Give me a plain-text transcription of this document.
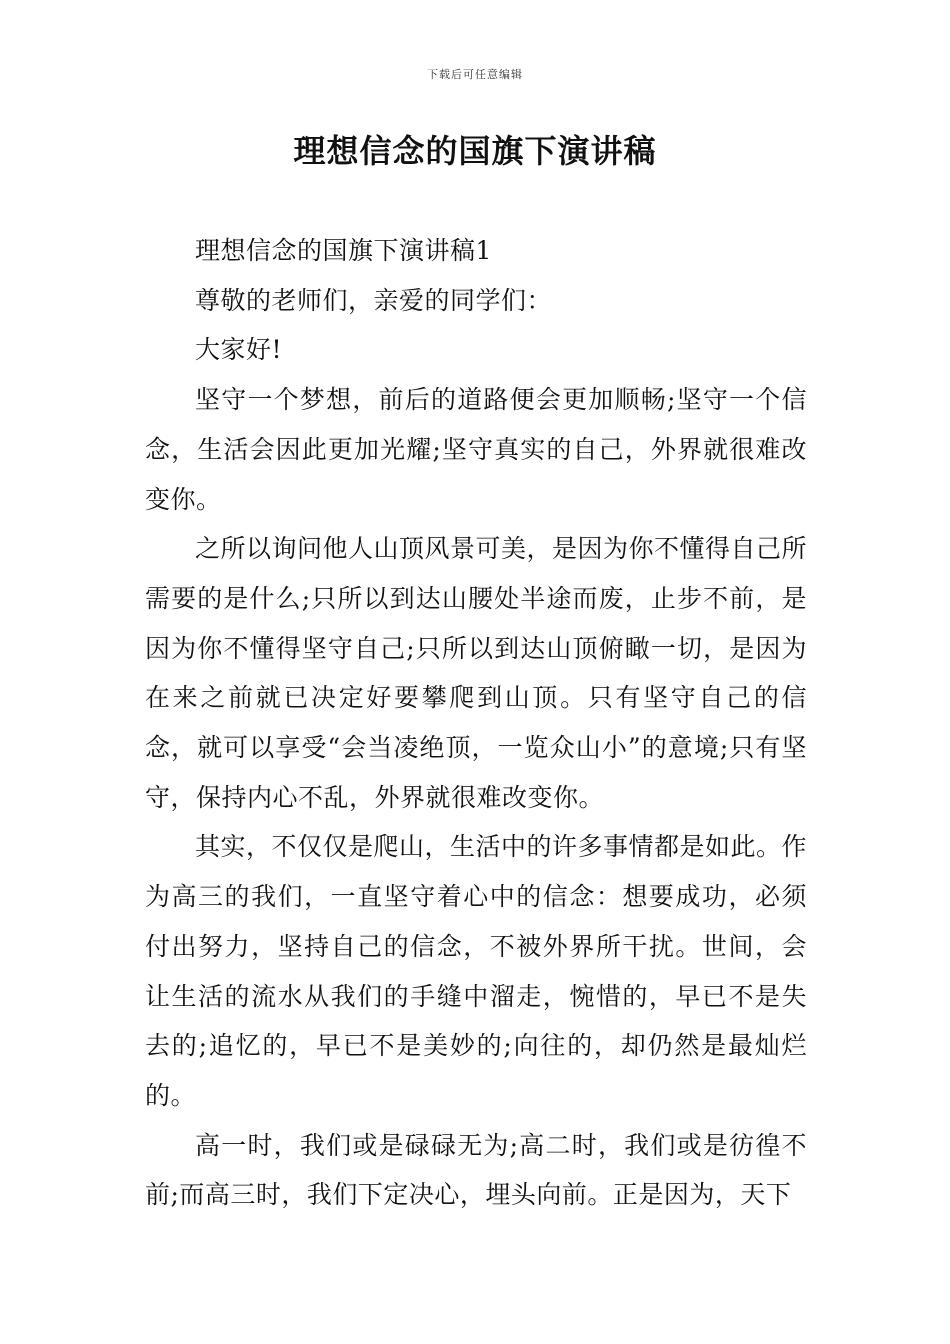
下载后可任意编辑
理想信念的国旗下演讲稿

理想信念的国旗下演讲稿1

尊敬的老师们，亲爱的同学们：

大家好!

坚守一个梦想，前后的道路便会更加顺畅;坚守一个信念，生活会因此更加光耀;坚守真实的自己，外界就很难改变你。

之所以询问他人山顶风景可美，是因为你不懂得自己所需要的是什么;只所以到达山腰处半途而废，止步不前，是因为你不懂得坚守自己;只所以到达山顶俯瞰一切，是因为在来之前就已决定好要攀爬到山顶。只有坚守自己的信念，就可以享受“会当凌绝顶，一览众山小”的意境;只有坚守，保持内心不乱，外界就很难改变你。

其实，不仅仅是爬山，生活中的许多事情都是如此。作为高三的我们，一直坚守着心中的信念：想要成功，必须付出努力，坚持自己的信念，不被外界所干扰。世间，会让生活的流水从我们的手缝中溜走，惋惜的，早已不是失去的;追忆的，早已不是美妙的;向往的，却仍然是最灿烂的。

高一时，我们或是碌碌无为;高二时，我们或是彷徨不前;而高三时，我们下定决心，埋头向前。正是因为，天下
